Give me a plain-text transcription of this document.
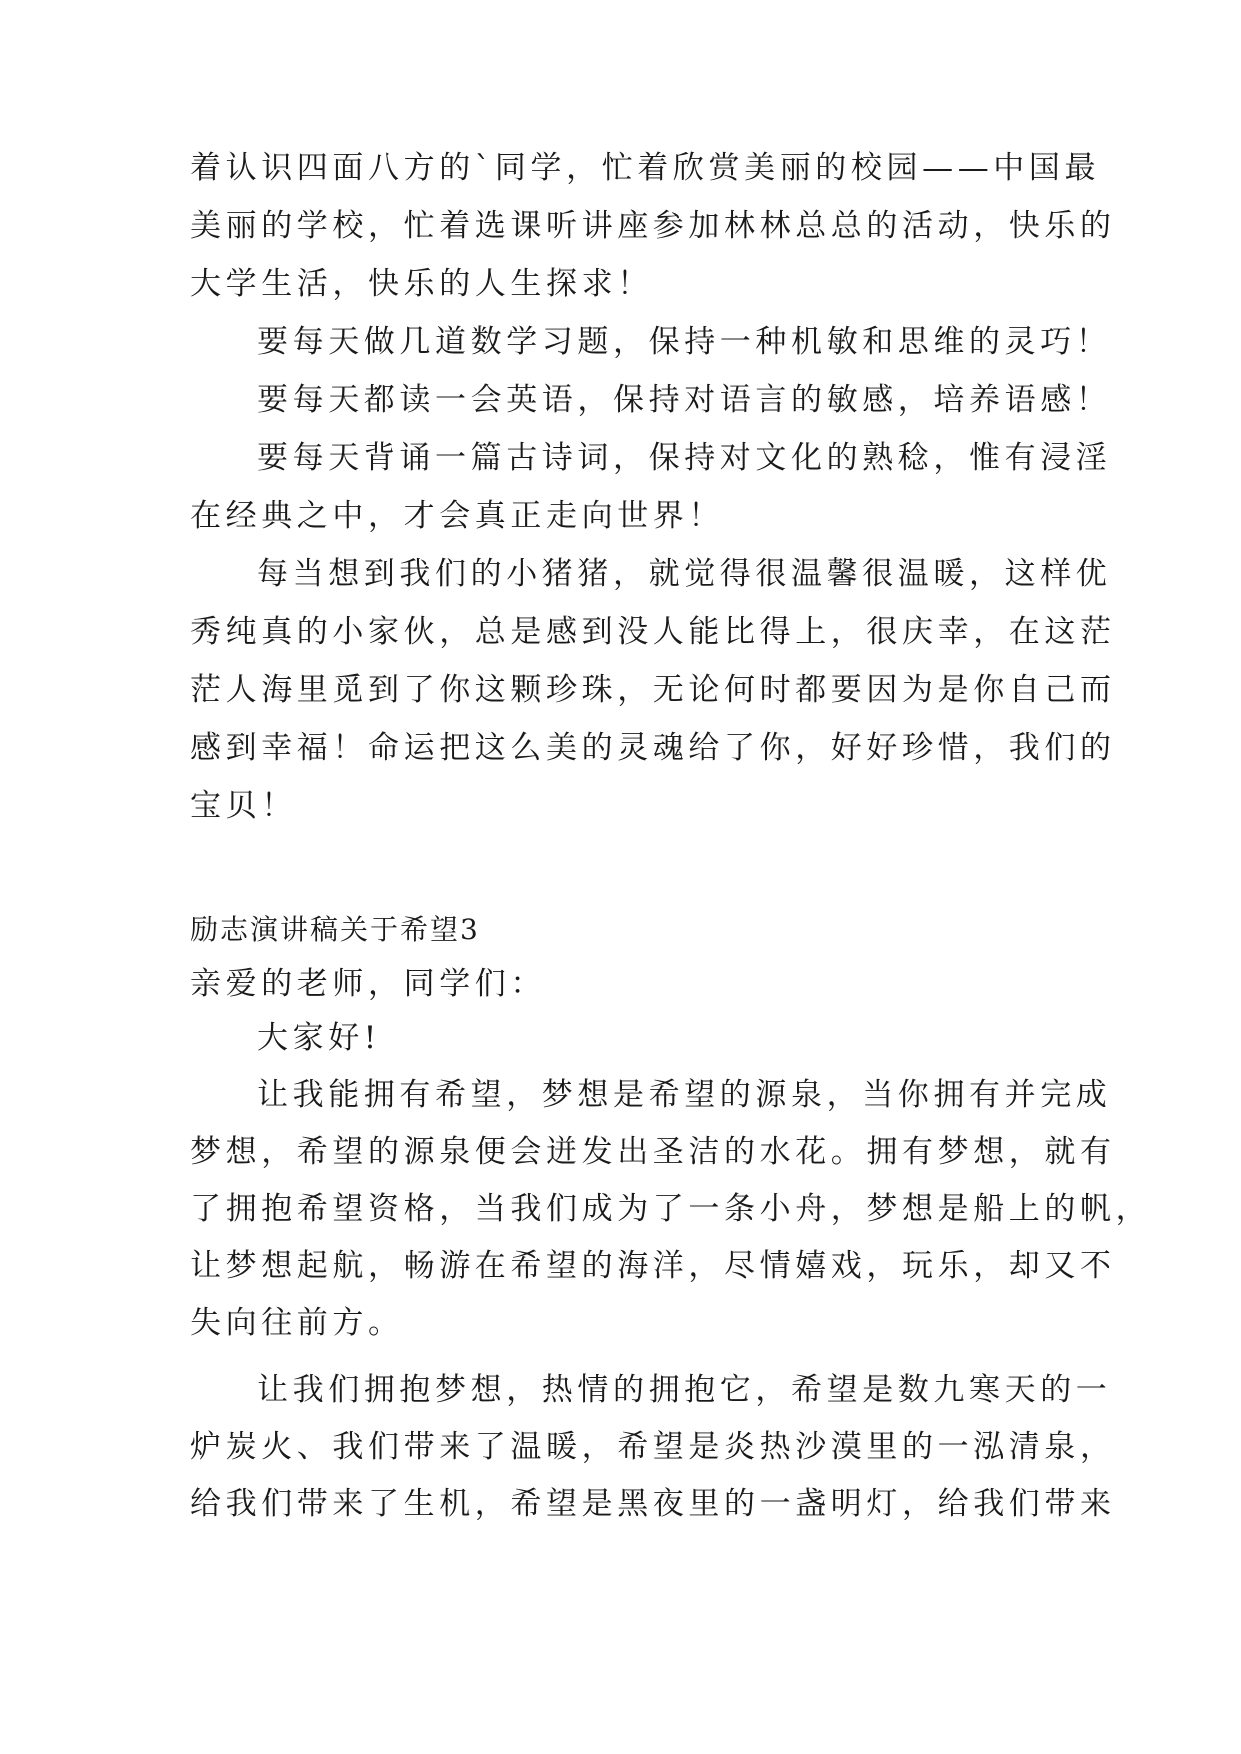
着认识四面八方的`同学，忙着欣赏美丽的校园——中国最

美丽的学校，忙着选课听讲座参加林林总总的活动，快乐的

大学生活，快乐的人生探求！

要每天做几道数学习题，保持一种机敏和思维的灵巧！

要每天都读一会英语，保持对语言的敏感，培养语感！

要每天背诵一篇古诗词，保持对文化的熟稔，惟有浸淫

在经典之中，才会真正走向世界！

每当想到我们的小猪猪，就觉得很温馨很温暖，这样优

秀纯真的小家伙，总是感到没人能比得上，很庆幸，在这茫

茫人海里觅到了你这颗珍珠，无论何时都要因为是你自己而

感到幸福！命运把这么美的灵魂给了你，好好珍惜，我们的

宝贝！

励志演讲稿关于希望3

亲爱的老师，同学们：

大家好!

让我能拥有希望，梦想是希望的源泉，当你拥有并完成

梦想，希望的源泉便会迸发出圣洁的水花。拥有梦想，就有

了拥抱希望资格，当我们成为了一条小舟，梦想是船上的帆，

让梦想起航，畅游在希望的海洋，尽情嬉戏，玩乐，却又不

失向往前方。

让我们拥抱梦想，热情的拥抱它，希望是数九寒天的一

炉炭火、我们带来了温暖，希望是炎热沙漠里的一泓清泉，

给我们带来了生机，希望是黑夜里的一盏明灯，给我们带来
